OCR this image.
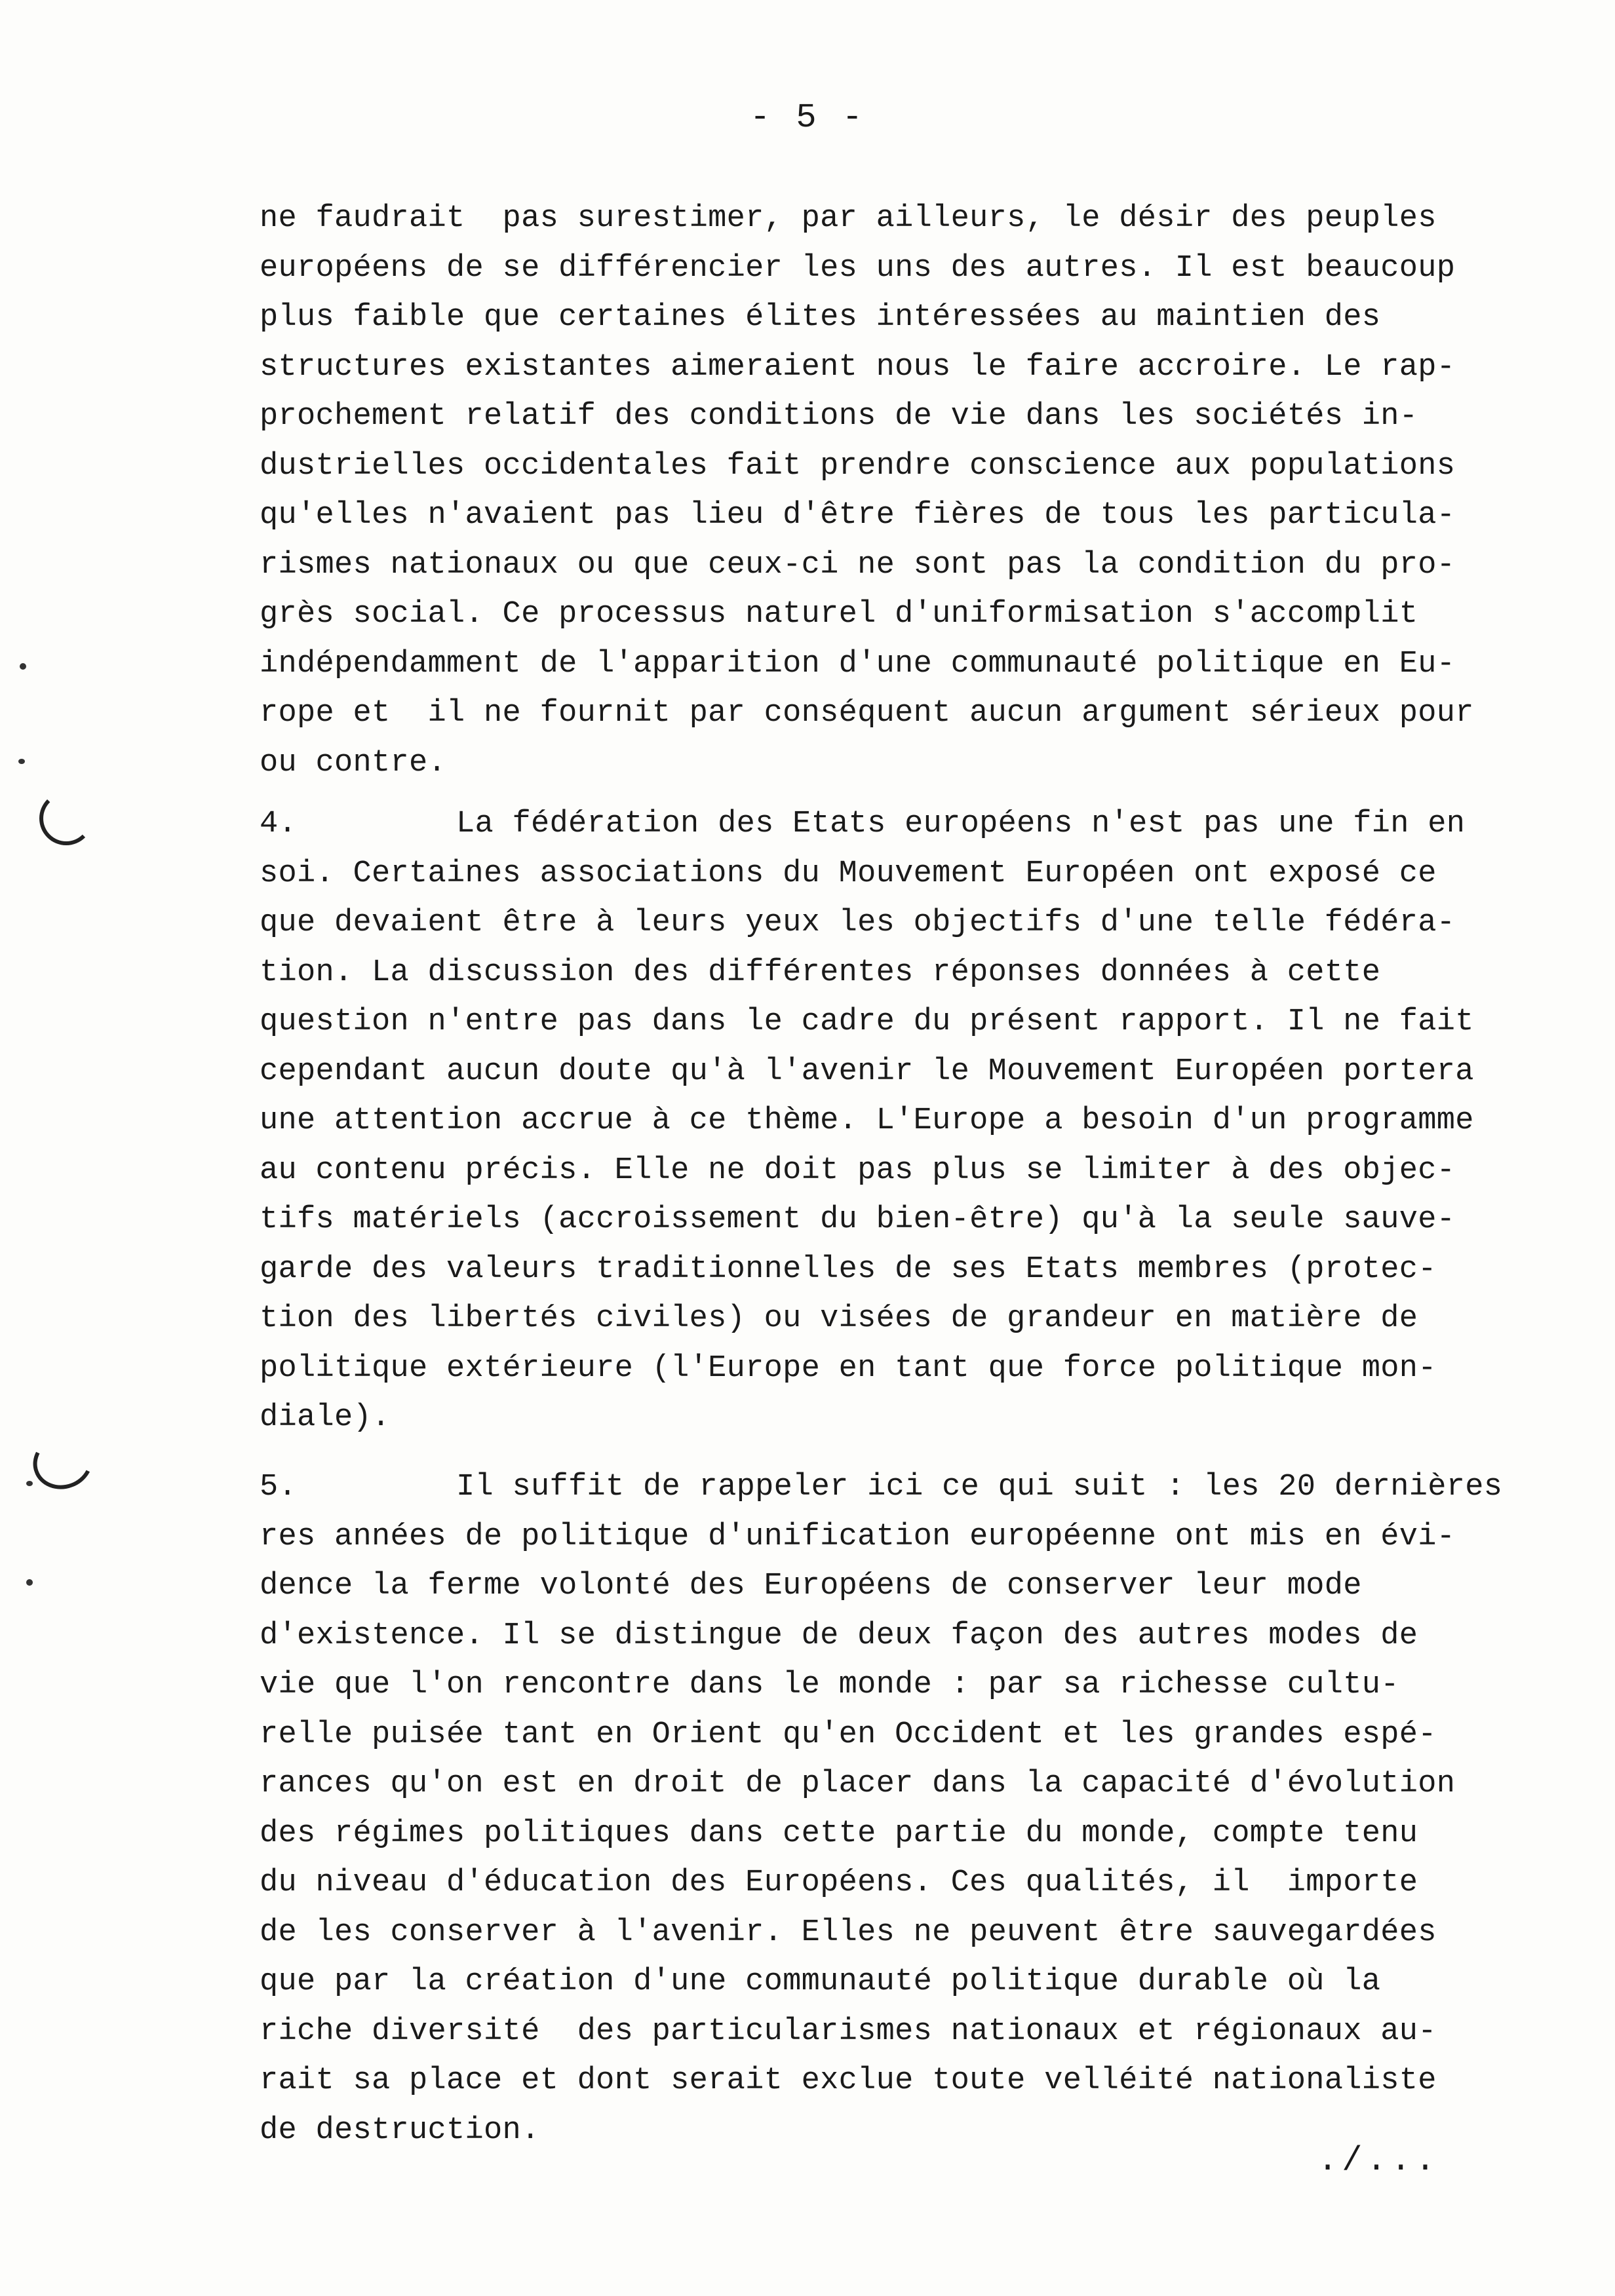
- 5 -
ne faudrait  pas surestimer, par ailleurs, le désir des peuples
européens de se différencier les uns des autres. Il est beaucoup
plus faible que certaines élites intéressées au maintien des
structures existantes aimeraient nous le faire accroire. Le rap-
prochement relatif des conditions de vie dans les sociétés in-
dustrielles occidentales fait prendre conscience aux populations
qu'elles n'avaient pas lieu d'être fières de tous les particula-
rismes nationaux ou que ceux-ci ne sont pas la condition du pro-
grès social. Ce processus naturel d'uniformisation s'accomplit
indépendamment de l'apparition d'une communauté politique en Eu-
rope et  il ne fournit par conséquent aucun argument sérieux pour
ou contre.
4.	La fédération des Etats européens n'est pas une fin en
soi. Certaines associations du Mouvement Européen ont exposé ce
que devaient être à leurs yeux les objectifs d'une telle fédéra-
tion. La discussion des différentes réponses données à cette
question n'entre pas dans le cadre du présent rapport. Il ne fait
cependant aucun doute qu'à l'avenir le Mouvement Européen portera
une attention accrue à ce thème. L'Europe a besoin d'un programme
au contenu précis. Elle ne doit pas plus se limiter à des objec-
tifs matériels (accroissement du bien-être) qu'à la seule sauve-
garde des valeurs traditionnelles de ses Etats membres (protec-
tion des libertés civiles) ou visées de grandeur en matière de
politique extérieure (l'Europe en tant que force politique mon-
diale).
5.	Il suffit de rappeler ici ce qui suit : les 20 dernières
res années de politique d'unification européenne ont mis en évi-
dence la ferme volonté des Européens de conserver leur mode
d'existence. Il se distingue de deux façon des autres modes de
vie que l'on rencontre dans le monde : par sa richesse cultu-
relle puisée tant en Orient qu'en Occident et les grandes espé-
rances qu'on est en droit de placer dans la capacité d'évolution
des régimes politiques dans cette partie du monde, compte tenu
du niveau d'éducation des Européens. Ces qualités, il  importe
de les conserver à l'avenir. Elles ne peuvent être sauvegardées
que par la création d'une communauté politique durable où la
riche diversité  des particularismes nationaux et régionaux au-
rait sa place et dont serait exclue toute velléité nationaliste
de destruction.
./...
